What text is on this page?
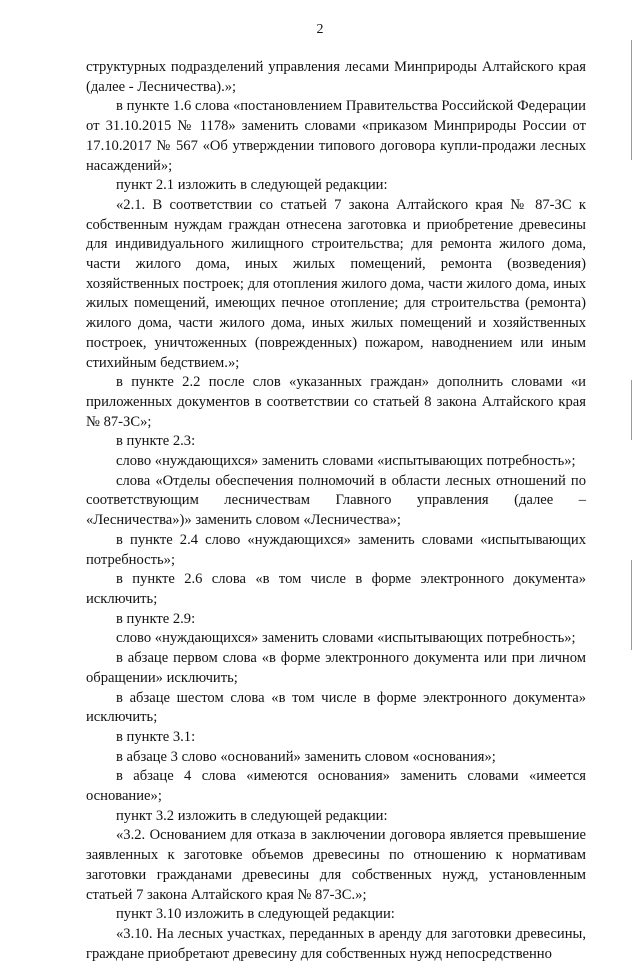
2

структурных подразделений управления лесами Минприроды Алтайского края (далее - Лесничества).»;

в пункте 1.6 слова «постановлением Правительства Российской Федерации от 31.10.2015 № 1178» заменить словами «приказом Минприроды России от 17.10.2017 № 567 «Об утверждении типового договора купли-продажи лесных насаждений»;

пункт 2.1 изложить в следующей редакции:

«2.1. В соответствии со статьей 7 закона Алтайского края № 87-ЗС к собственным нуждам граждан отнесена заготовка и приобретение древесины для индивидуального жилищного строительства; для ремонта жилого дома, части жилого дома, иных жилых помещений, ремонта (возведения) хозяйственных построек; для отопления жилого дома, части жилого дома, иных жилых помещений, имеющих печное отопление; для строительства (ремонта) жилого дома, части жилого дома, иных жилых помещений и хозяйственных построек, уничтоженных (поврежденных) пожаром, наводнением или иным стихийным бедствием.»;

в пункте 2.2 после слов «указанных граждан» дополнить словами «и приложенных документов в соответствии со статьей 8 закона Алтайского края № 87-ЗС»;

в пункте 2.3:

слово «нуждающихся» заменить словами «испытывающих потребность»;

слова «Отделы обеспечения полномочий в области лесных отношений по соответствующим лесничествам Главного управления (далее – «Лесничества»)» заменить словом «Лесничества»;

в пункте 2.4 слово «нуждающихся» заменить словами «испытывающих потребность»;

в пункте 2.6 слова «в том числе в форме электронного документа» исключить;

в пункте 2.9:

слово «нуждающихся» заменить словами «испытывающих потребность»;

в абзаце первом слова «в форме электронного документа или при личном обращении» исключить;

в абзаце шестом слова «в том числе в форме электронного документа» исключить;

в пункте 3.1:

в абзаце 3 слово «оснований» заменить словом «основания»;

в абзаце 4 слова «имеются основания» заменить словами «имеется основание»;

пункт 3.2 изложить в следующей редакции:

«3.2. Основанием для отказа в заключении договора является превышение заявленных к заготовке объемов древесины по отношению к нормативам заготовки гражданами древесины для собственных нужд, установленным статьей 7 закона Алтайского края № 87-ЗС.»;

пункт 3.10 изложить в следующей редакции:

«3.10. На лесных участках, переданных в аренду для заготовки древесины, граждане приобретают древесину для собственных нужд непосредственно
